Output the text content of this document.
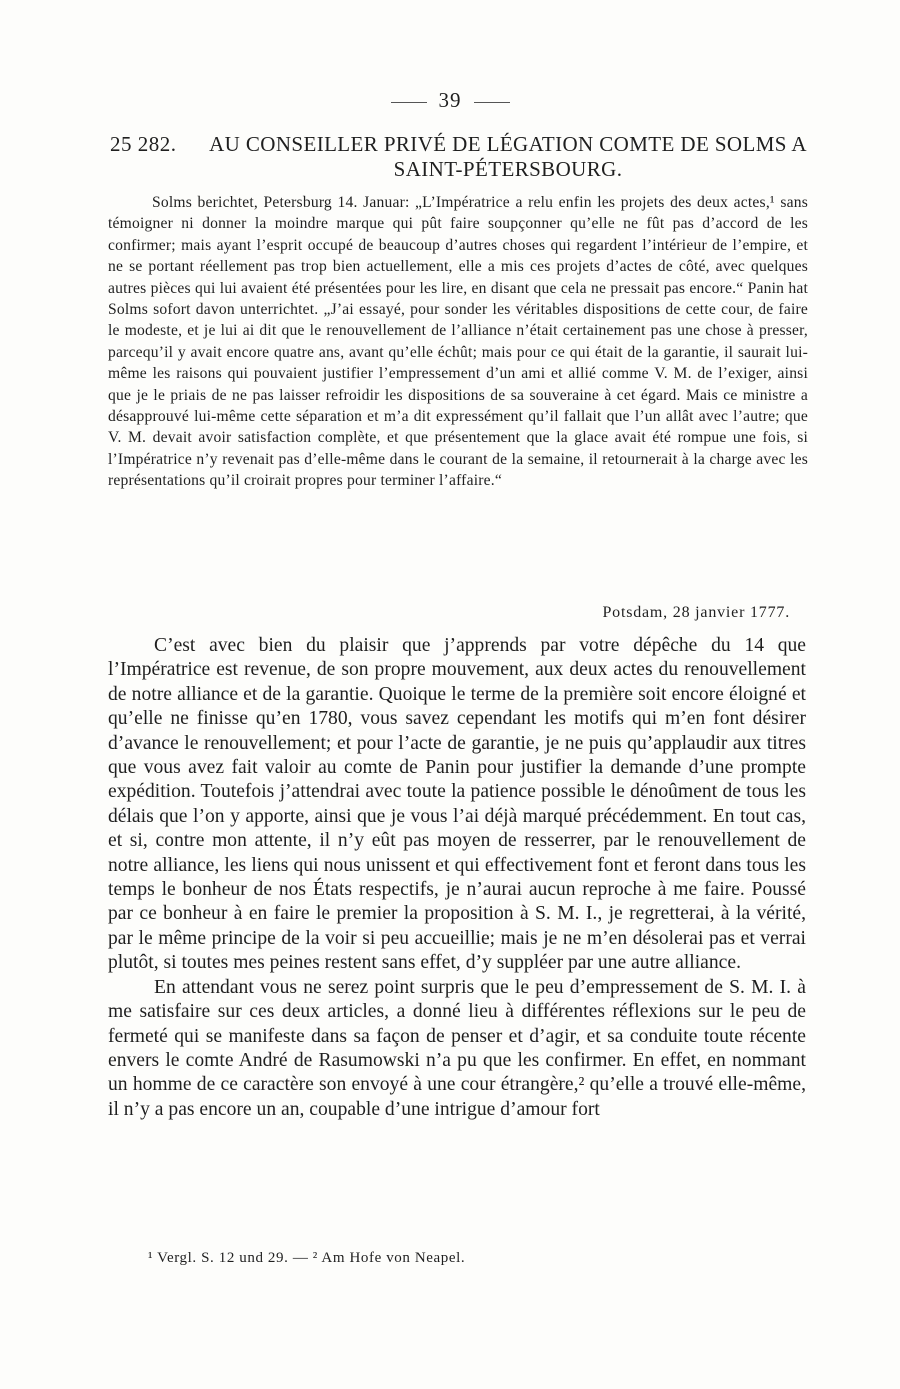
39
25 282. AU CONSEILLER PRIVÉ DE LÉGATION COMTE DE SOLMS A SAINT-PÉTERSBOURG.
Solms berichtet, Petersburg 14. Januar: „L’Impératrice a relu enfin les projets des deux actes,¹ sans témoigner ni donner la moindre marque qui pût faire soupçonner qu’elle ne fût pas d’accord de les confirmer; mais ayant l’esprit occupé de beaucoup d’autres choses qui regardent l’intérieur de l’empire, et ne se portant réellement pas trop bien actuellement, elle a mis ces projets d’actes de côté, avec quelques autres pièces qui lui avaient été présentées pour les lire, en disant que cela ne pressait pas encore.“ Panin hat Solms sofort davon unterrichtet. „J’ai essayé, pour sonder les véritables dispositions de cette cour, de faire le modeste, et je lui ai dit que le renouvellement de l’alliance n’était certainement pas une chose à presser, parcequ’il y avait encore quatre ans, avant qu’elle échût; mais pour ce qui était de la garantie, il saurait lui-même les raisons qui pouvaient justifier l’empressement d’un ami et allié comme V. M. de l’exiger, ainsi que je le priais de ne pas laisser refroidir les dispositions de sa souveraine à cet égard. Mais ce ministre a désapprouvé lui-même cette séparation et m’a dit expressément qu’il fallait que l’un allât avec l’autre; que V. M. devait avoir satisfaction complète, et que présentement que la glace avait été rompue une fois, si l’Impératrice n’y revenait pas d’elle-même dans le courant de la semaine, il retournerait à la charge avec les représentations qu’il croirait propres pour terminer l’affaire.“
Potsdam, 28 janvier 1777.

C’est avec bien du plaisir que j’apprends par votre dépêche du 14 que l’Impératrice est revenue, de son propre mouvement, aux deux actes du renouvellement de notre alliance et de la garantie. Quoique le terme de la première soit encore éloigné et qu’elle ne finisse qu’en 1780, vous savez cependant les motifs qui m’en font désirer d’avance le renouvellement; et pour l’acte de garantie, je ne puis qu’applaudir aux titres que vous avez fait valoir au comte de Panin pour justifier la demande d’une prompte expédition. Toutefois j’attendrai avec toute la patience possible le dénoûment de tous les délais que l’on y apporte, ainsi que je vous l’ai déjà marqué précédemment. En tout cas, et si, contre mon attente, il n’y eût pas moyen de resserrer, par le renouvellement de notre alliance, les liens qui nous unissent et qui effectivement font et feront dans tous les temps le bonheur de nos États respectifs, je n’aurai aucun reproche à me faire. Poussé par ce bonheur à en faire le premier la proposition à S. M. I., je regretterai, à la vérité, par le même principe de la voir si peu accueillie; mais je ne m’en désolerai pas et verrai plutôt, si toutes mes peines restent sans effet, d’y suppléer par une autre alliance.

En attendant vous ne serez point surpris que le peu d’empressement de S. M. I. à me satisfaire sur ces deux articles, a donné lieu à différentes réflexions sur le peu de fermeté qui se manifeste dans sa façon de penser et d’agir, et sa conduite toute récente envers le comte André de Rasumowski n’a pu que les confirmer. En effet, en nommant un homme de ce caractère son envoyé à une cour étrangère,² qu’elle a trouvé elle-même, il n’y a pas encore un an, coupable d’une intrigue d’amour fort

¹ Vergl. S. 12 und 29. — ² Am Hofe von Neapel.
